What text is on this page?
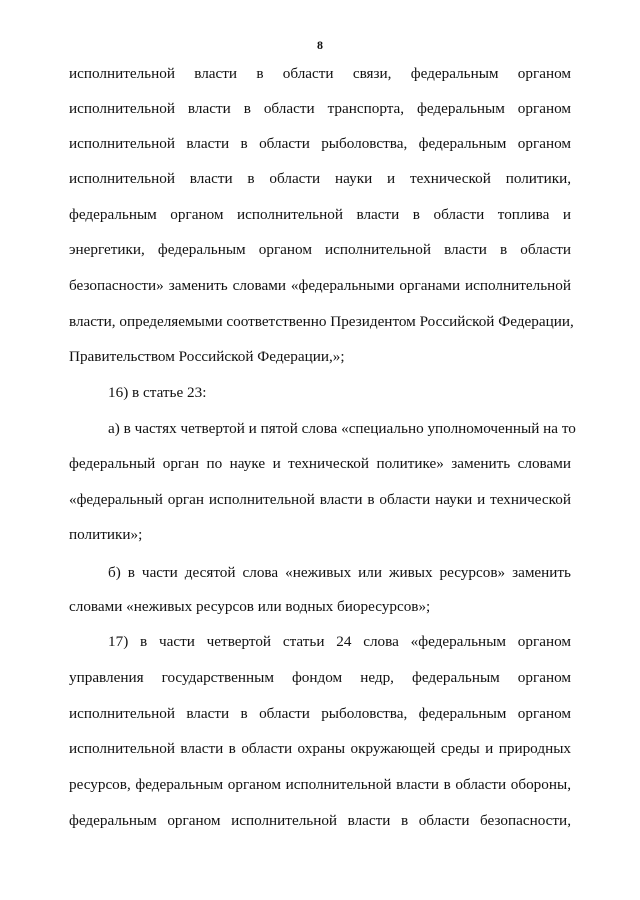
8
исполнительной власти в области связи, федеральным органом
исполнительной власти в области транспорта, федеральным органом
исполнительной власти в области рыболовства, федеральным органом
исполнительной власти в области науки и технической политики,
федеральным органом исполнительной власти в области топлива и
энергетики, федеральным органом исполнительной власти в области
безопасности» заменить словами «федеральными органами исполнительной
власти, определяемыми соответственно Президентом Российской Федерации,
Правительством Российской Федерации,»;
16) в статье 23:
а) в частях четвертой и пятой слова «специально уполномоченный на то
федеральный орган по науке и технической политике» заменить словами
«федеральный орган исполнительной власти в области науки и технической
политики»;
б) в части десятой слова «неживых или живых ресурсов» заменить
словами «неживых ресурсов или водных биоресурсов»;
17) в части четвертой статьи 24 слова «федеральным органом
управления государственным фондом недр, федеральным органом
исполнительной власти в области рыболовства, федеральным органом
исполнительной власти в области охраны окружающей среды и природных
ресурсов, федеральным органом исполнительной власти в области обороны,
федеральным органом исполнительной власти в области безопасности,
